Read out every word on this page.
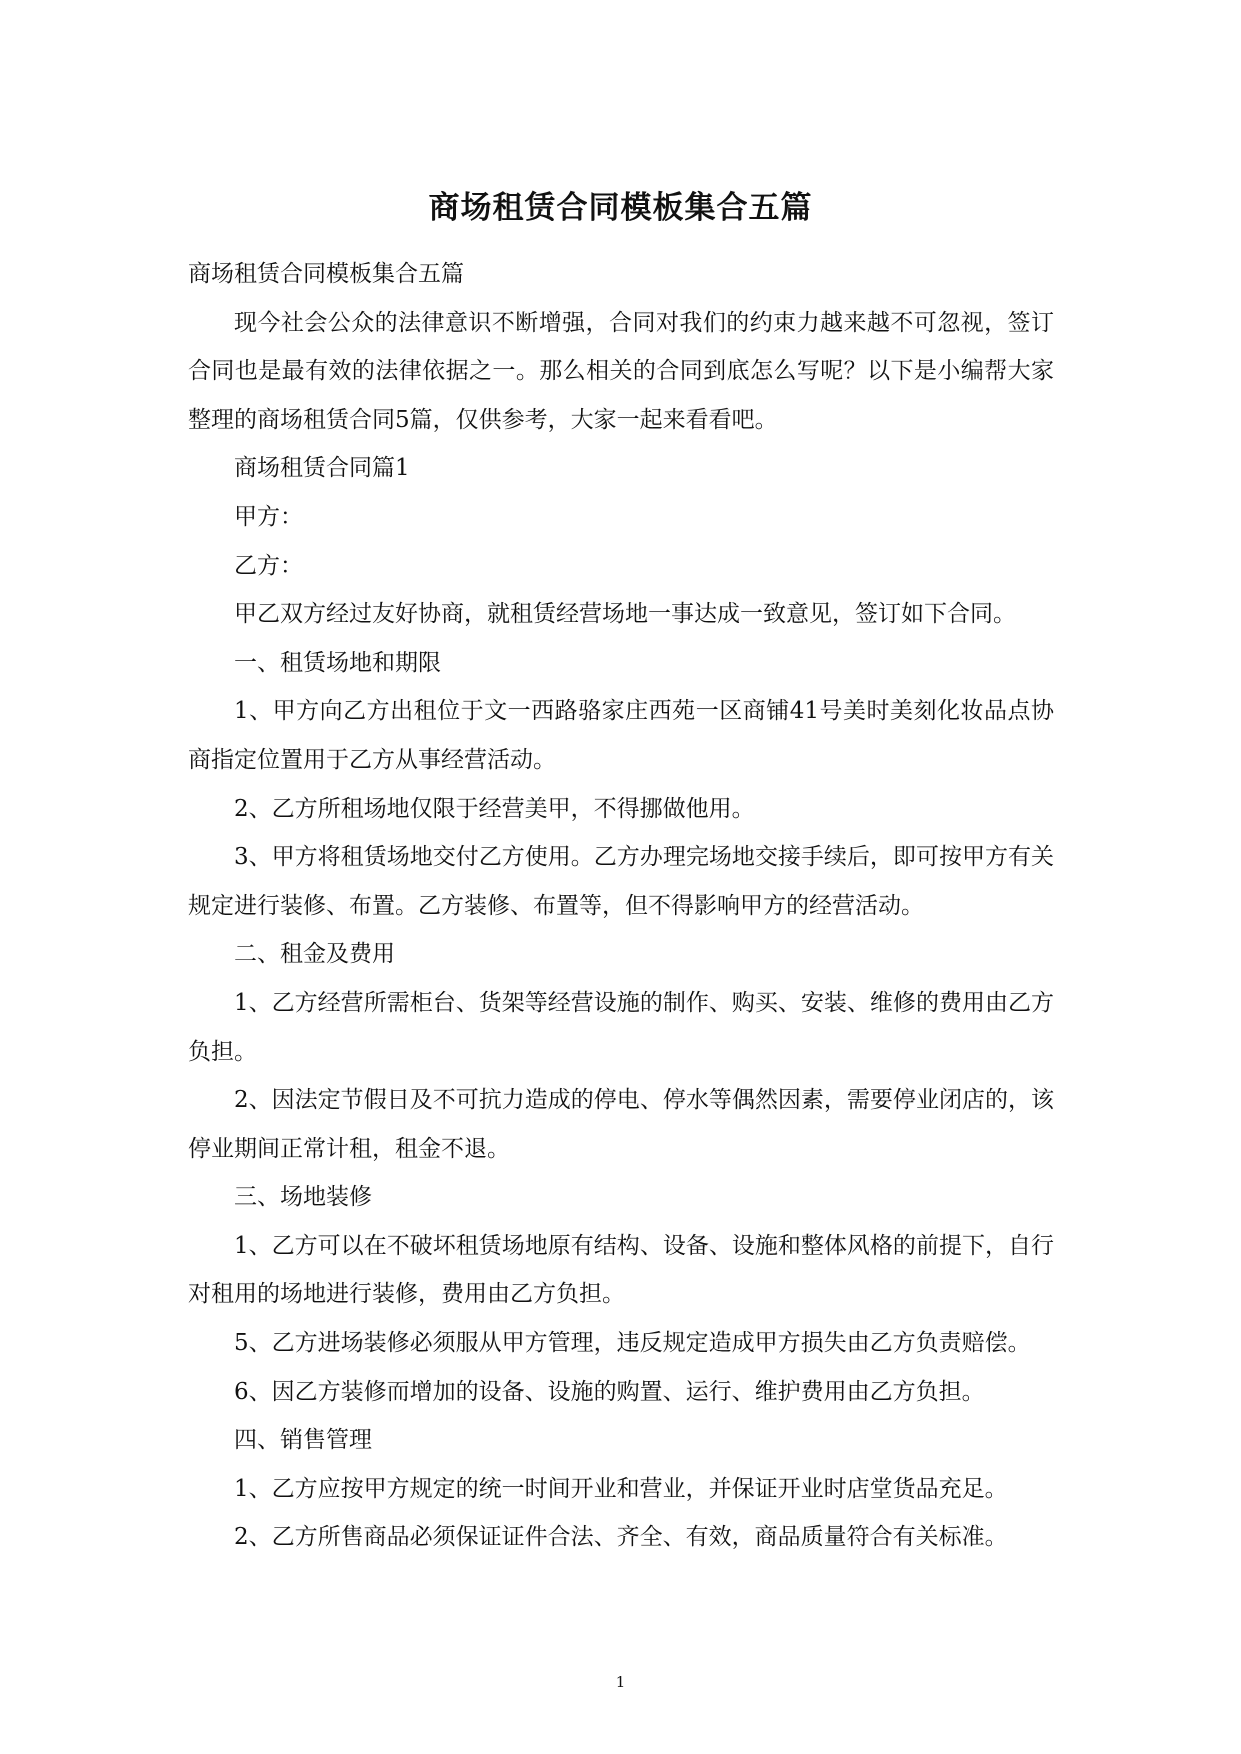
商场租赁合同模板集合五篇

商场租赁合同模板集合五篇

现今社会公众的法律意识不断增强，合同对我们的约束力越来越不可忽视，签订合同也是最有效的法律依据之一。那么相关的合同到底怎么写呢？以下是小编帮大家整理的商场租赁合同5篇，仅供参考，大家一起来看看吧。

商场租赁合同篇1

甲方：

乙方：

甲乙双方经过友好协商，就租赁经营场地一事达成一致意见，签订如下合同。

一、租赁场地和期限

1、甲方向乙方出租位于文一西路骆家庄西苑一区商铺41号美时美刻化妆品点协商指定位置用于乙方从事经营活动。

2、乙方所租场地仅限于经营美甲，不得挪做他用。

3、甲方将租赁场地交付乙方使用。乙方办理完场地交接手续后，即可按甲方有关规定进行装修、布置。乙方装修、布置等，但不得影响甲方的经营活动。

二、租金及费用

1、乙方经营所需柜台、货架等经营设施的制作、购买、安装、维修的费用由乙方负担。

2、因法定节假日及不可抗力造成的停电、停水等偶然因素，需要停业闭店的，该停业期间正常计租，租金不退。

三、场地装修

1、乙方可以在不破坏租赁场地原有结构、设备、设施和整体风格的前提下，自行对租用的场地进行装修，费用由乙方负担。

5、乙方进场装修必须服从甲方管理，违反规定造成甲方损失由乙方负责赔偿。

6、因乙方装修而增加的设备、设施的购置、运行、维护费用由乙方负担。

四、销售管理

1、乙方应按甲方规定的统一时间开业和营业，并保证开业时店堂货品充足。

2、乙方所售商品必须保证证件合法、齐全、有效，商品质量符合有关标准。

1
